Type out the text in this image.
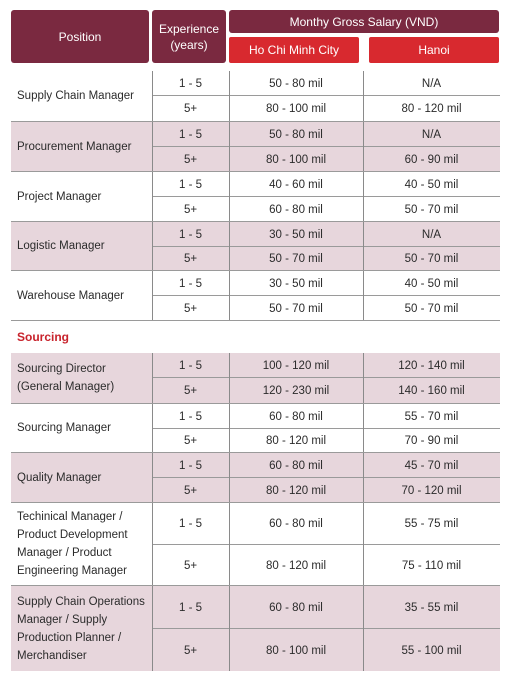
Position
Experience
(years)
Monthy Gross Salary (VND)
Ho Chi Minh City	Hanoi
Supply Chain Manager
1 - 5	50 - 80 mil	N/A
5+	80 - 100 mil	80 - 120 mil
Procurement Manager
1 - 5	50 - 80 mil	N/A
5+	80 - 100 mil	60 - 90 mil
Project Manager
1 - 5	40 - 60 mil	40 - 50 mil
5+	60 - 80 mil	50 - 70 mil
Logistic Manager
1 - 5	30 - 50 mil	N/A
5+	50 - 70 mil	50 - 70 mil
Warehouse Manager
1 - 5	30 - 50 mil	40 - 50 mil
5+	50 - 70 mil	50 - 70 mil
Sourcing
Sourcing Director (General Manager)
1 - 5	100 - 120 mil	120 - 140 mil
5+	120 - 230 mil	140 - 160 mil
Sourcing Manager
1 - 5	60 - 80 mil	55 - 70 mil
5+	80 - 120 mil	70 - 90 mil
Quality Manager
1 - 5	60 - 80 mil	45 - 70 mil
5+	80 - 120 mil	70 - 120 mil
Techinical Manager / Product Development Manager / Product Engineering Manager
1 - 5	60 - 80 mil	55 - 75 mil
5+	80 - 120 mil	75 - 110 mil
Supply Chain Operations Manager / Supply Production Planner / Merchandiser
1 - 5	60 - 80 mil	35 - 55 mil
5+	80 - 100 mil	55 - 100 mil
